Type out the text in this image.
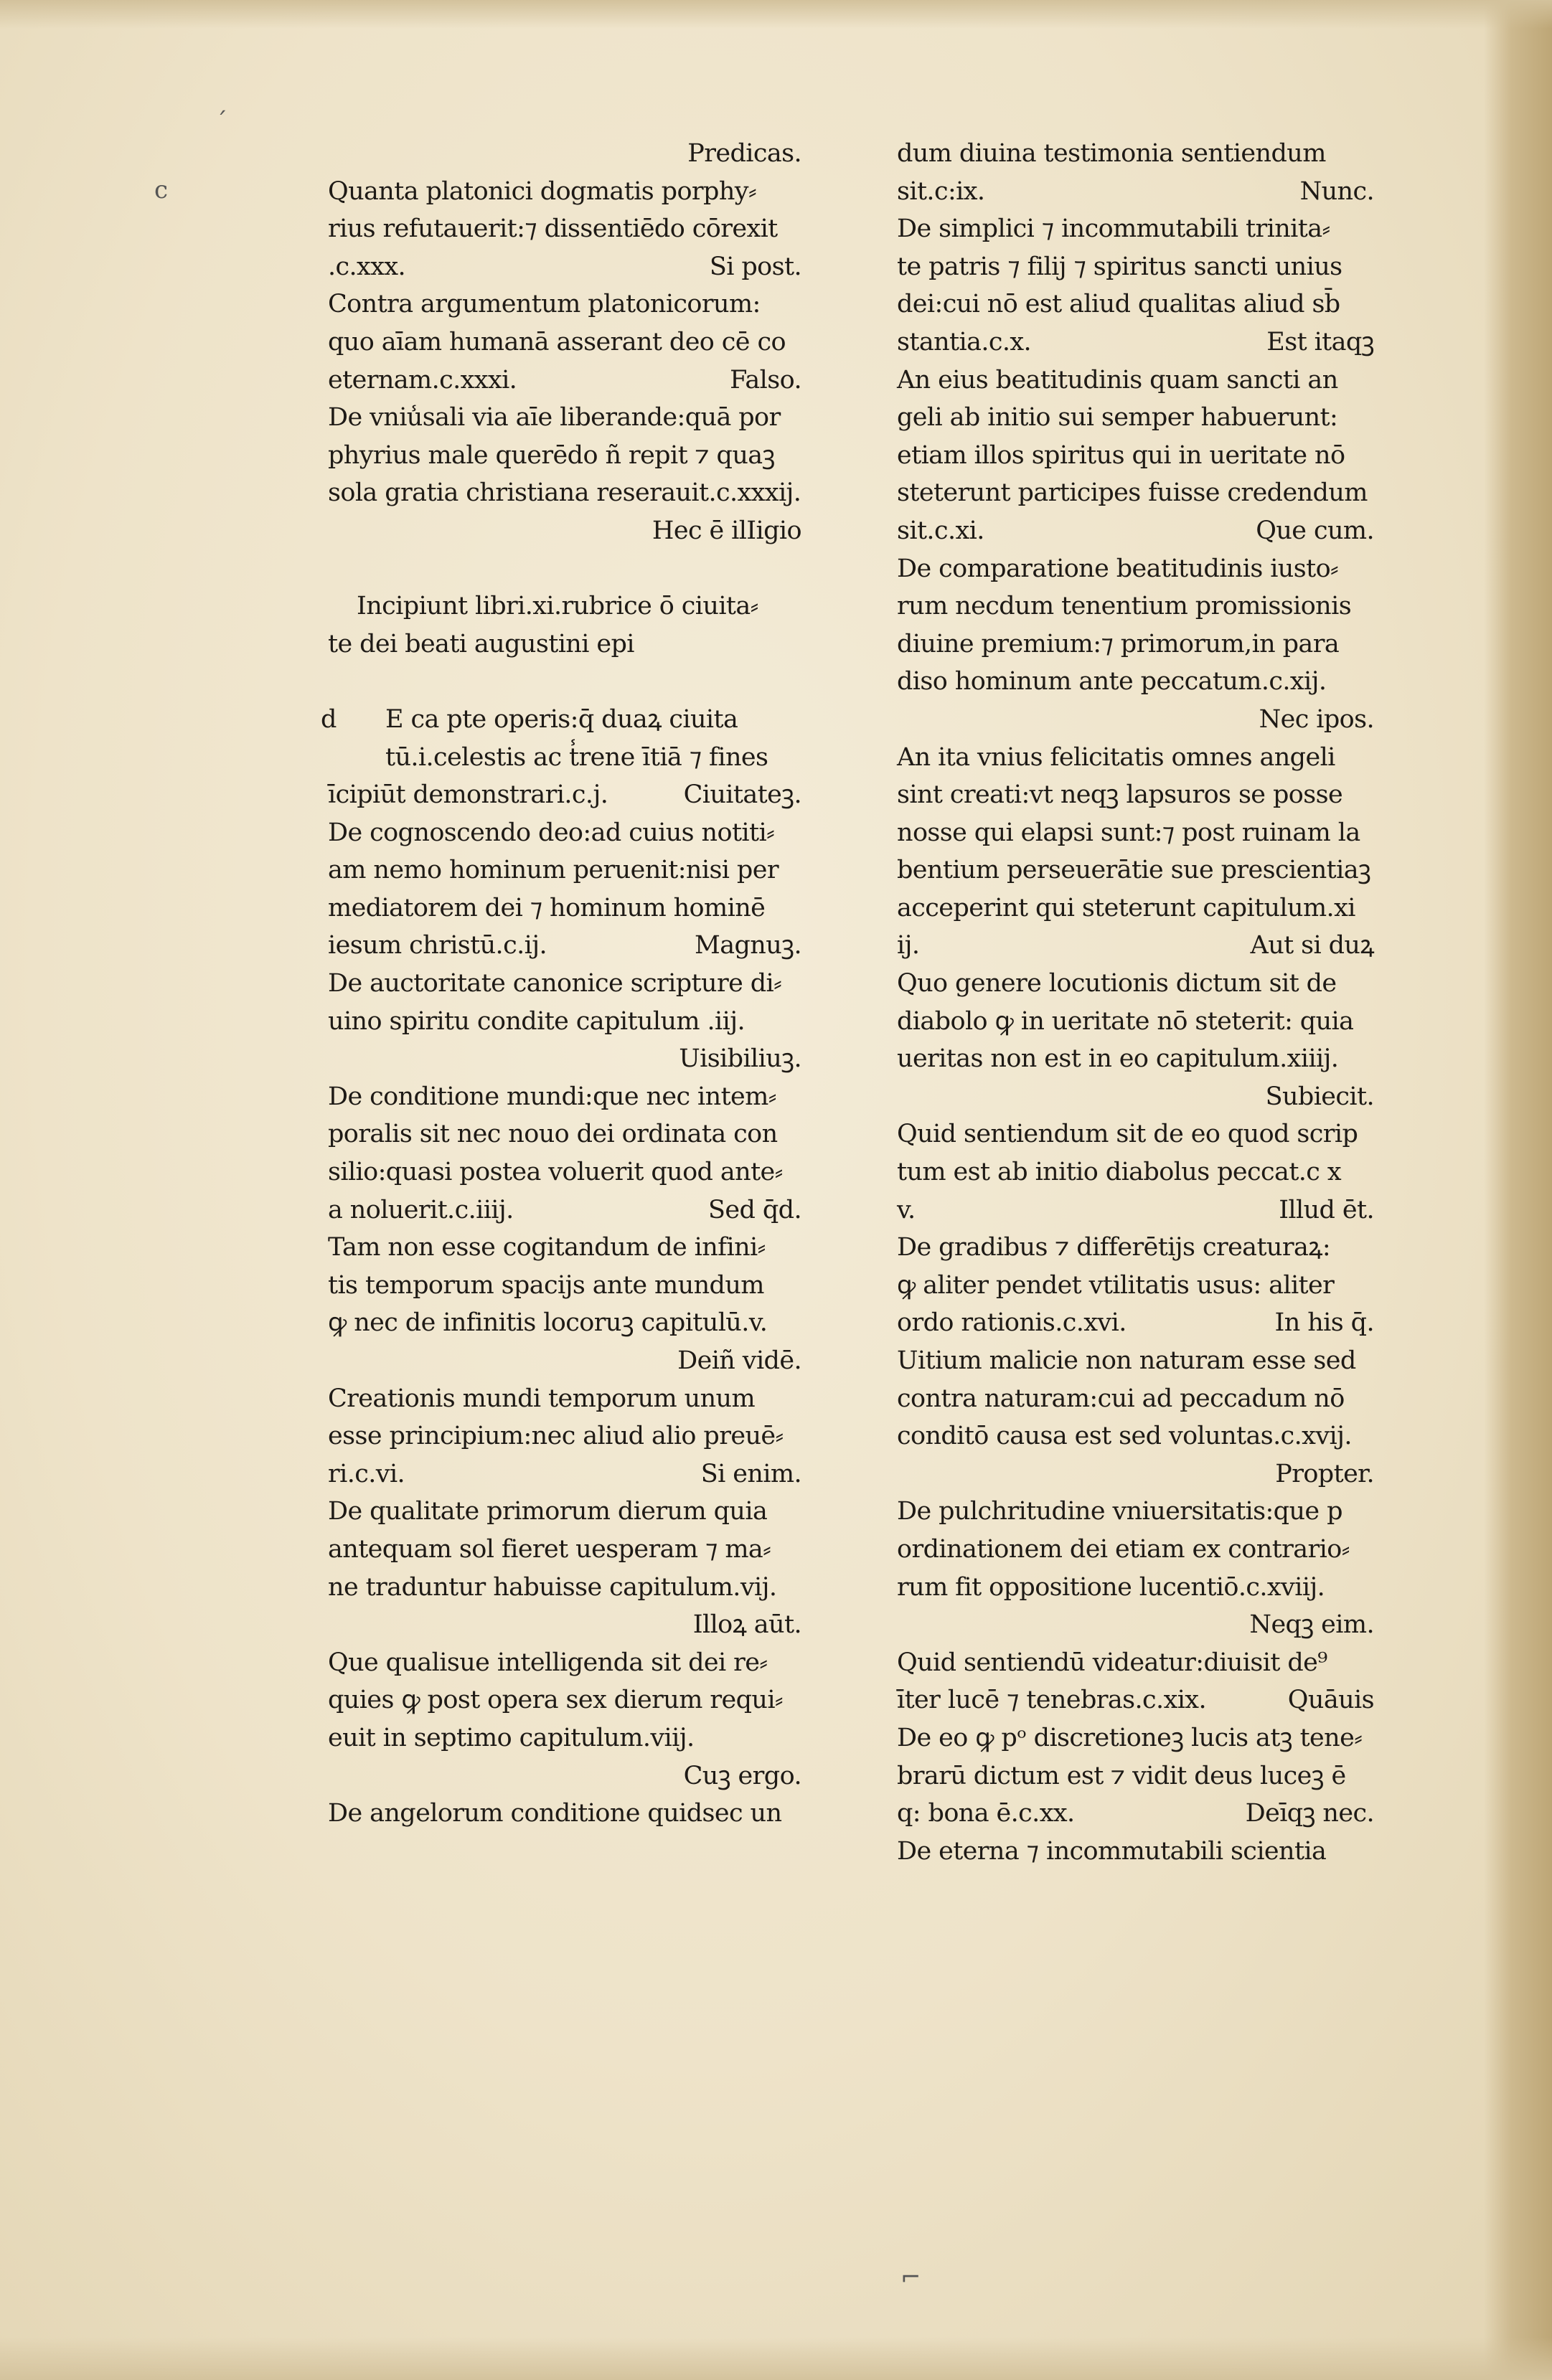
ˊ
c
⌐
Predicas.
Quanta platonici dogmatis porphy⸗
rius refutauerit:⁊ dissentiēdo cōrexit
.c.xxx.	Si post.
Contra argumentum platonicorum:
quo aīam humanā asserant deo cē co
eternam.c.xxxi.	Falso.
De vniu̾sali via aīe liberande:quā por
phyrius male querēdo ñ repit ⁊ quaꝫ
sola gratia christiana reserauit.c.xxxij.
Hec ē ilIigio
Incipiunt libri.xi.rubrice ō ciuita⸗
te dei beati augustini epi
d E ca pte operis:q̄ duaꝝ ciuita
tū.i.celestis ac t̾rene ītiā ⁊ fines
īcipiūt demonstrari.c.j.	Ciuitateꝫ.
De cognoscendo deo:ad cuius notiti⸗
am nemo hominum peruenit:nisi per
mediatorem dei ⁊ hominum hominē
iesum christū.c.ij.	Magnuꝫ.
De auctoritate canonice scripture di⸗
uino spiritu condite capitulum .iij.
Uisibiliuꝫ.
De conditione mundi:que nec intem⸗
poralis sit nec nouo dei ordinata con
silio:quasi postea voluerit quod ante⸗
a noluerit.c.iiij.	Sed q̄d.
Tam non esse cogitandum de infini⸗
tis temporum spacijs ante mundum
ꝙ nec de infinitis locoruꝫ capitulū.v.
Deiñ vidē.
Creationis mundi temporum unum
esse principium:nec aliud alio preuē⸗
ri.c.vi.	Si enim.
De qualitate primorum dierum quia
antequam sol fieret uesperam ⁊ ma⸗
ne traduntur habuisse capitulum.vij.
Illoꝝ aūt.
Que qualisue intelligenda sit dei re⸗
quies ꝙ post opera sex dierum requi⸗
euit in septimo capitulum.viij.
Cuꝫ ergo.
De angelorum conditione quidsec un
dum diuina testimonia sentiendum
sit.c:ix.	Nunc.
De simplici ⁊ incommutabili trinita⸗
te patris ⁊ filij ⁊ spiritus sancti unius
dei:cui nō est aliud qualitas aliud sb̄
stantia.c.x.	Est itaqꝫ
An eius beatitudinis quam sancti an
geli ab initio sui semper habuerunt:
etiam illos spiritus qui in ueritate nō
steterunt participes fuisse credendum
sit.c.xi.	Que cum.
De comparatione beatitudinis iusto⸗
rum necdum tenentium promissionis
diuine premium:⁊ primorum,in para
diso hominum ante peccatum.c.xij.
Nec ipos.
An ita vnius felicitatis omnes angeli
sint creati:vt neqꝫ lapsuros se posse
nosse qui elapsi sunt:⁊ post ruinam la
bentium perseuerātie sue prescientiaꝫ
acceperint qui steterunt capitulum.xi
ij.	Aut si duꝝ
Quo genere locutionis dictum sit de
diabolo ꝙ in ueritate nō steterit: quia
ueritas non est in eo capitulum.xiiij.
Subiecit.
Quid sentiendum sit de eo quod scrip
tum est ab initio diabolus peccat.c x
v.	Illud ēt.
De gradibus ⁊ differētijs creaturaꝝ:
ꝙ aliter pendet vtilitatis usus: aliter
ordo rationis.c.xvi.	In his q̄.
Uitium malicie non naturam esse sed
contra naturam:cui ad peccadum nō
conditō causa est sed voluntas.c.xvij.
Propter.
De pulchritudine vniuersitatis:que p
ordinationem dei etiam ex contrario⸗
rum fit oppositione lucentiō.c.xviij.
Neqꝫ eim.
Quid sentiendū videatur:diuisit de⁹
īter lucē ⁊ tenebras.c.xix.	Quāuis
De eo ꝙ pᵒ discretioneꝫ lucis atꝫ tene⸗
brarū dictum est ⁊ vidit deus luceꝫ ē
q: bona ē.c.xx.	Deīqꝫ nec.
De eterna ⁊ incommutabili scientia
